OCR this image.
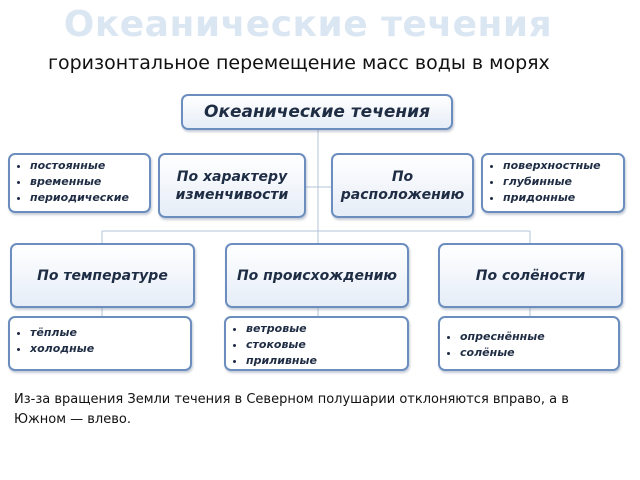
Океанические течения
горизонтальное перемещение масс воды в морях
Океанические течения
По характеру изменчивости
По расположению
По температуре	По происхождению	По солёности
• постоянные
• временные
• периодические
• поверхностные
• глубинные
• придонные
• тёплые
• холодные
• ветровые
• стоковые
• приливные
• опреснённые
• солёные
Из-за вращения Земли течения в Северном полушарии отклоняются вправо, а в Южном — влево.
